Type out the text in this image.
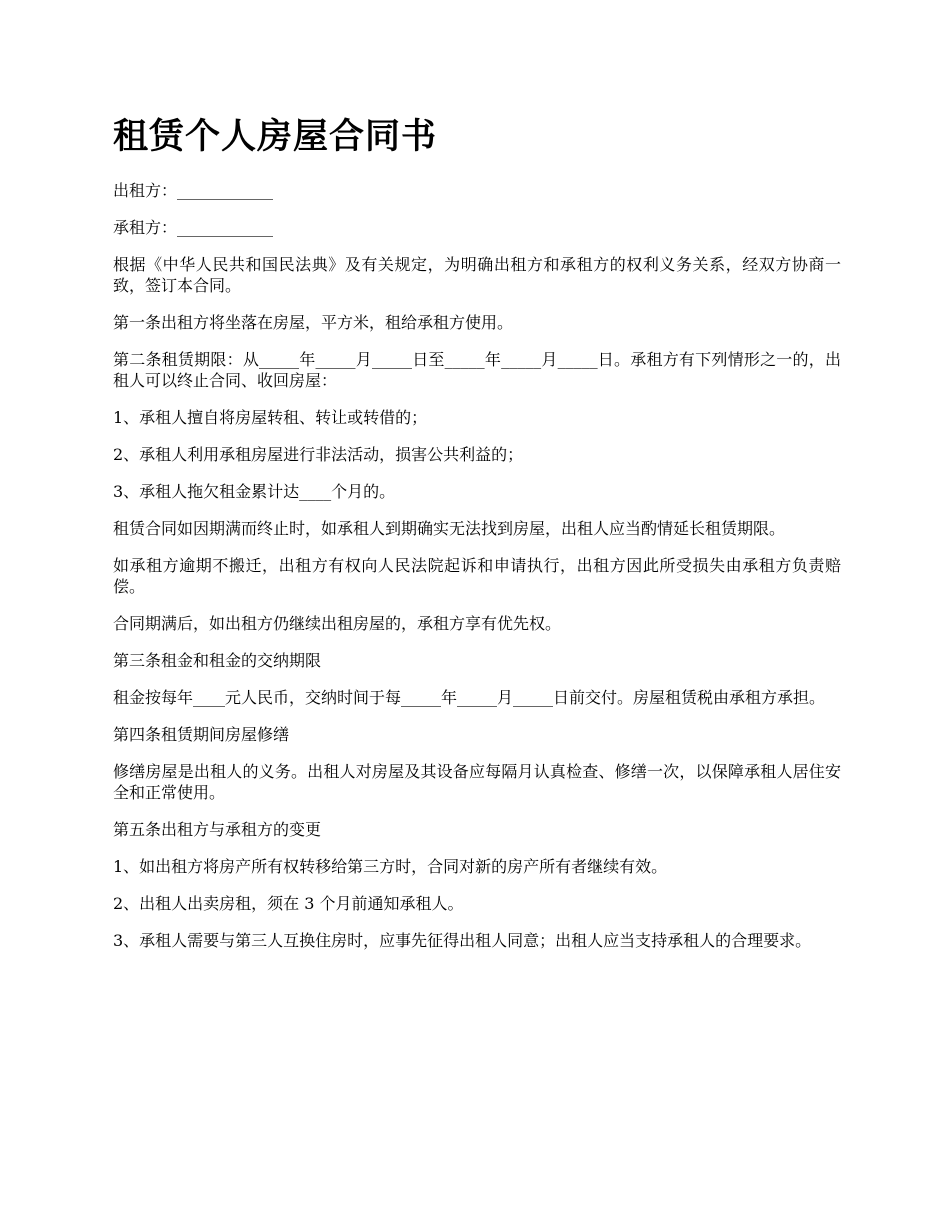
租赁个人房屋合同书

出租方：____________

承租方：____________

根据《中华人民共和国民法典》及有关规定，为明确出租方和承租方的权利义务关系，经双方协商一致，签订本合同。

第一条出租方将坐落在房屋，平方米，租给承租方使用。

第二条租赁期限：从_____年_____月_____日至_____年_____月_____日。承租方有下列情形之一的，出租人可以终止合同、收回房屋：

1、承租人擅自将房屋转租、转让或转借的；

2、承租人利用承租房屋进行非法活动，损害公共利益的；

3、承租人拖欠租金累计达____个月的。

租赁合同如因期满而终止时，如承租人到期确实无法找到房屋，出租人应当酌情延长租赁期限。

如承租方逾期不搬迁，出租方有权向人民法院起诉和申请执行，出租方因此所受损失由承租方负责赔偿。

合同期满后，如出租方仍继续出租房屋的，承租方享有优先权。

第三条租金和租金的交纳期限

租金按每年____元人民币，交纳时间于每_____年_____月_____日前交付。房屋租赁税由承租方承担。

第四条租赁期间房屋修缮

修缮房屋是出租人的义务。出租人对房屋及其设备应每隔月认真检查、修缮一次，以保障承租人居住安全和正常使用。

第五条出租方与承租方的变更

1、如出租方将房产所有权转移给第三方时，合同对新的房产所有者继续有效。

2、出租人出卖房租，须在 3 个月前通知承租人。

3、承租人需要与第三人互换住房时，应事先征得出租人同意；出租人应当支持承租人的合理要求。
